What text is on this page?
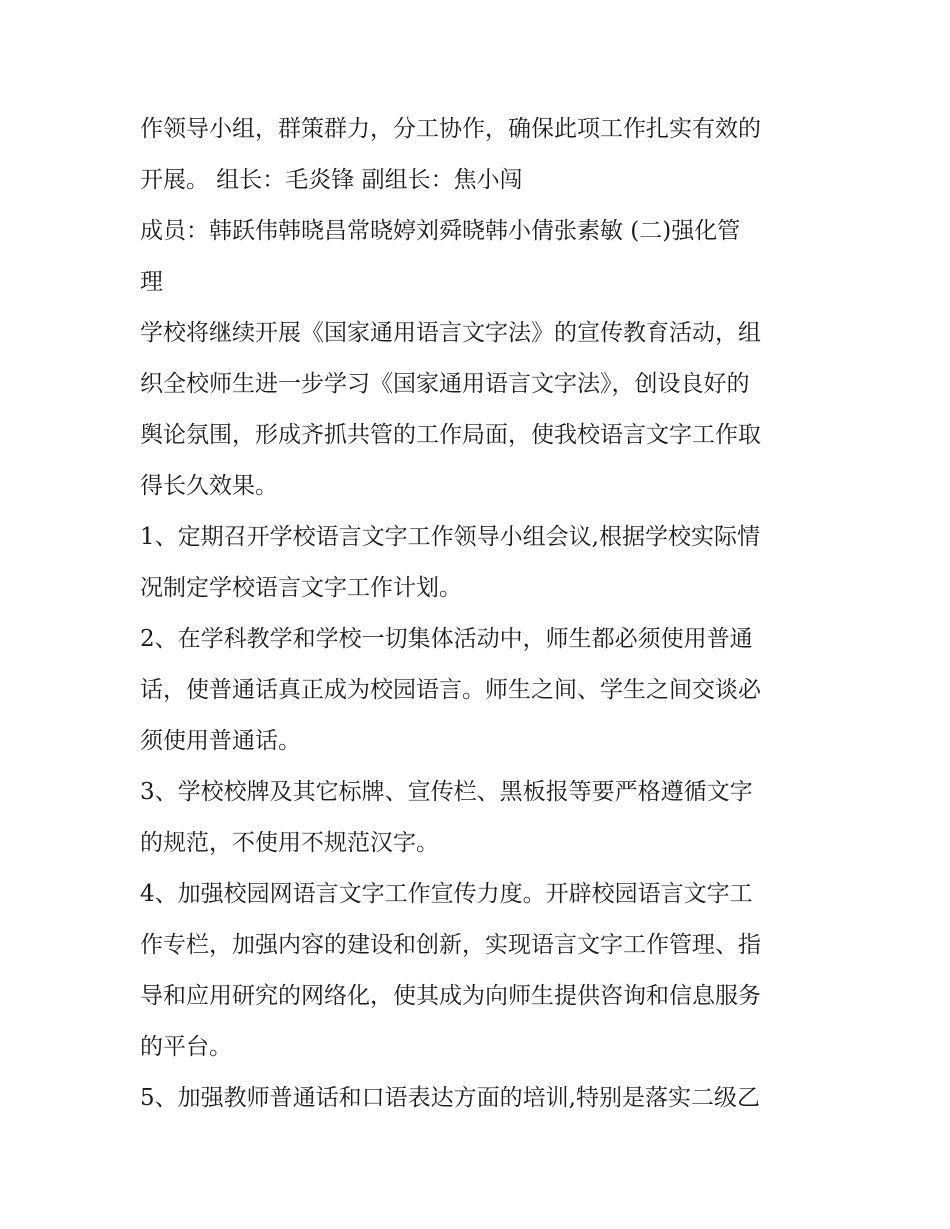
作领导小组，群策群力，分工协作，确保此项工作扎实有效的
开展。 组长：毛炎锋 副组长：焦小闯
成员：韩跃伟韩晓昌常晓婷刘舜晓韩小倩张素敏 (二)强化管
理
学校将继续开展《国家通用语言文字法》的宣传教育活动，组
织全校师生进一步学习《国家通用语言文字法》，创设良好的
舆论氛围，形成齐抓共管的工作局面，使我校语言文字工作取
得长久效果。
1、定期召开学校语言文字工作领导小组会议,根据学校实际情
况制定学校语言文字工作计划。
2、在学科教学和学校一切集体活动中，师生都必须使用普通
话，使普通话真正成为校园语言。师生之间、学生之间交谈必
须使用普通话。
3、学校校牌及其它标牌、宣传栏、黑板报等要严格遵循文字
的规范，不使用不规范汉字。
4、加强校园网语言文字工作宣传力度。开辟校园语言文字工
作专栏，加强内容的建设和创新，实现语言文字工作管理、指
导和应用研究的网络化，使其成为向师生提供咨询和信息服务
的平台。
5、加强教师普通话和口语表达方面的培训,特别是落实二级乙
